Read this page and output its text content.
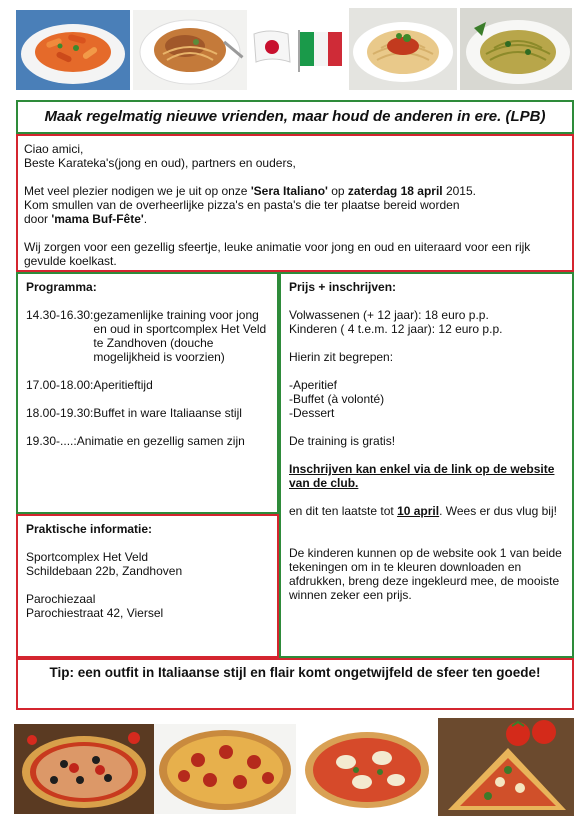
Maak regelmatig nieuwe vrienden, maar houd de anderen in ere. (LPB)

Ciao amici,

Beste Karateka's(jong en oud), partners en ouders,

Met veel plezier nodigen we je uit op onze 'Sera Italiano' op zaterdag 18 april 2015.

Kom smullen van de overheerlijke pizza's en pasta's die ter plaatse bereid worden

door 'mama Buf-Fête'.

Wij zorgen voor een gezellig sfeertje, leuke animatie voor jong en oud en uiteraard voor een rijk gevulde koelkast.

Programma:

14.30-16.30: gezamenlijke training voor jong en oud in sportcomplex Het Veld te Zandhoven (douche mogelijkheid is voorzien)
17.00-18.00: Aperitieftijd
18.00-19.30: Buffet in ware Italiaanse stijl
19.30-....: Animatie en gezellig samen zijn

Praktische informatie:

Sportcomplex Het Veld

Schildebaan 22b, Zandhoven

Parochiezaal

Parochiestraat 42, Viersel

Prijs + inschrijven:

Volwassenen (+ 12 jaar): 18 euro p.p.

Kinderen ( 4 t.e.m. 12 jaar): 12 euro p.p.

Hierin zit begrepen:

-Aperitief

-Buffet (à volonté)

-Dessert

De training is gratis!

Inschrijven kan enkel via de link op de website van de club.

en dit ten laatste tot 10 april. Wees er dus vlug bij!

De kinderen kunnen op de website ook 1 van beide tekeningen om in te kleuren downloaden en afdrukken, breng deze ingekleurd mee, de mooiste winnen zeker een prijs.

Tip: een outfit in Italiaanse stijl en flair komt ongetwijfeld de sfeer ten goede!
